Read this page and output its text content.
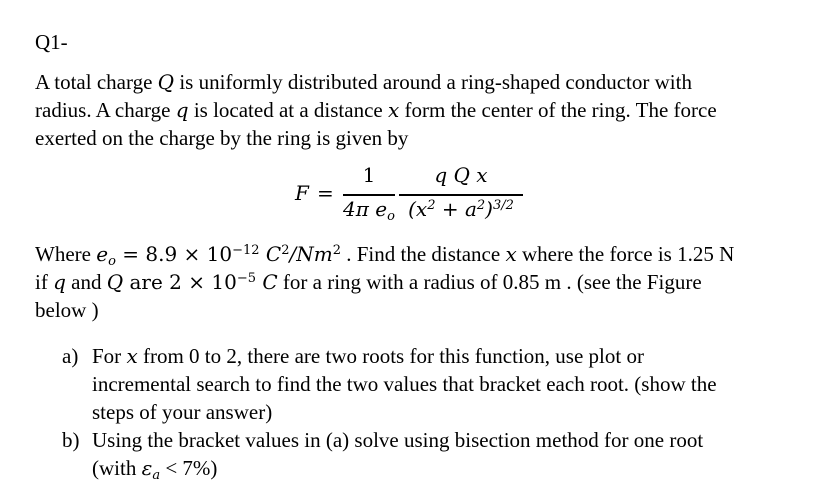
Q1-
A total charge Q is uniformly distributed around a ring-shaped conductor with
radius. A charge q is located at a distance x form the center of the ring. The force
exerted on the charge by the ring is given by
F =
1
4π $e_o$
q Q x
$(x^2 + a^2)^{3/2}$
Where $e_o = 8.9 \times 10^{-12}$ $C^2/Nm^2$ . Find the distance x where the force is 1.25 N
if q and Q are $2 \times 10^{-5}$ C for a ring with a radius of 0.85 m . (see the Figure
below )
a) For x from 0 to 2, there are two roots for this function, use plot or
incremental search to find the two values that bracket each root. (show the
steps of your answer)
b) Using the bracket values in (a) solve using bisection method for one root
(with $\varepsilon_a < 7\%$)
